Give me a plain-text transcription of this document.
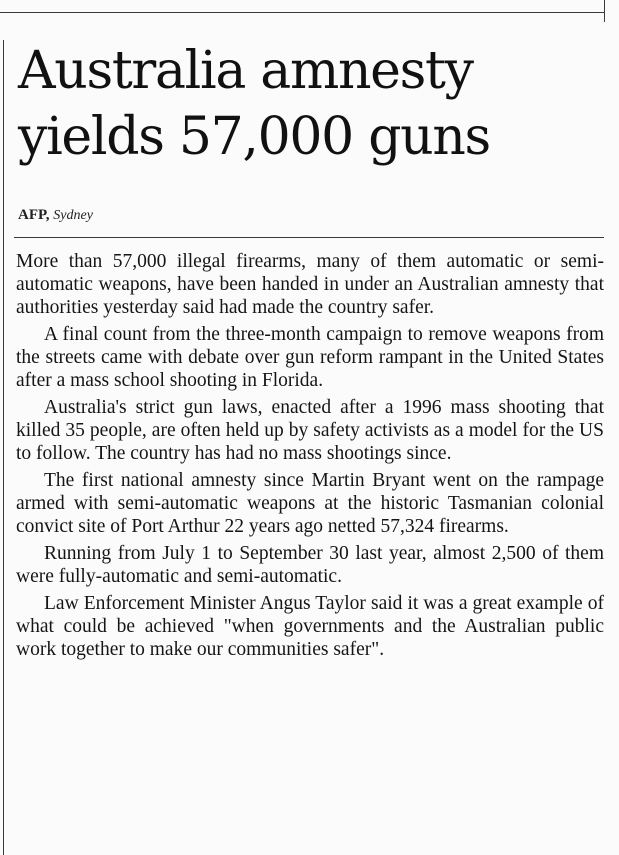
Australia amnesty yields 57,000 guns
AFP, Sydney

More than 57,000 illegal firearms, many of them automatic or semi-automatic weapons, have been handed in under an Australian amnesty that authorities yesterday said had made the country safer.

A final count from the three-month campaign to remove weapons from the streets came with debate over gun reform rampant in the United States after a mass school shooting in Florida.

Australia's strict gun laws, enacted after a 1996 mass shooting that killed 35 people, are often held up by safety activists as a model for the US to follow. The country has had no mass shootings since.

The first national amnesty since Martin Bryant went on the rampage armed with semi-automatic weapons at the historic Tasmanian colonial convict site of Port Arthur 22 years ago netted 57,324 firearms.

Running from July 1 to September 30 last year, almost 2,500 of them were fully-automatic and semi-automatic.

Law Enforcement Minister Angus Taylor said it was a great example of what could be achieved "when governments and the Australian public work together to make our communities safer".
